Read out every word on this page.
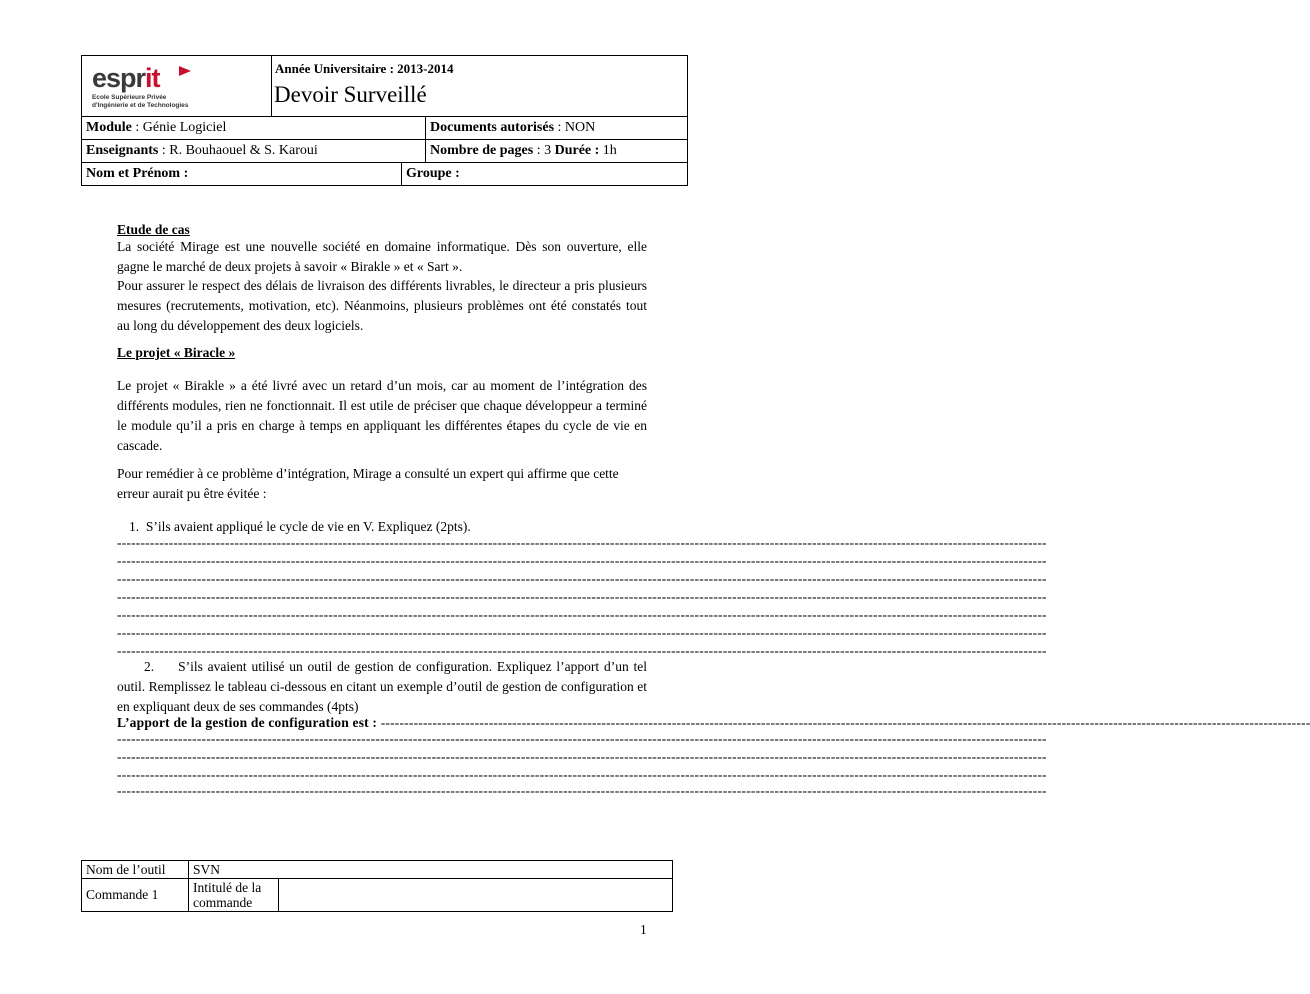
esprit
Ecole Supérieure Privée
d'Ingénierie et de Technologies
Année Universitaire : 2013-2014
Devoir Surveillé
Module : Génie Logiciel	Documents autorisés : NON
Enseignants : R. Bouhaouel & S. Karoui	Nombre de pages : 3 Durée : 1h
Nom et Prénom :	Groupe :
Etude de cas
La société Mirage est une nouvelle société en domaine informatique. Dès son ouverture, elle gagne le marché de deux projets à savoir « Birakle » et « Sart ».
Pour assurer le respect des délais de livraison des différents livrables, le directeur a pris plusieurs mesures (recrutements, motivation, etc). Néanmoins, plusieurs problèmes ont été constatés tout au long du développement des deux logiciels.
Le projet « Biracle »
Le projet « Birakle » a été livré avec un retard d’un mois, car au moment de l’intégration des différents modules, rien ne fonctionnait. Il est utile de préciser que chaque développeur a terminé le module qu’il a pris en charge à temps en appliquant les différentes étapes du cycle de vie en cascade.
Pour remédier à ce problème d’intégration, Mirage a consulté un expert qui affirme que cette erreur aurait pu être évitée :
1. S’ils avaient appliqué le cycle de vie en V. Expliquez (2pts).
------------------------------------------------------------------------------------------------------------------------------------------------------------------------------------------------------
------------------------------------------------------------------------------------------------------------------------------------------------------------------------------------------------------
------------------------------------------------------------------------------------------------------------------------------------------------------------------------------------------------------
------------------------------------------------------------------------------------------------------------------------------------------------------------------------------------------------------
------------------------------------------------------------------------------------------------------------------------------------------------------------------------------------------------------
------------------------------------------------------------------------------------------------------------------------------------------------------------------------------------------------------
------------------------------------------------------------------------------------------------------------------------------------------------------------------------------------------------------
2. S’ils avaient utilisé un outil de gestion de configuration. Expliquez l’apport d’un tel outil. Remplissez le tableau ci-dessous en citant un exemple d’outil de gestion de configuration et en expliquant deux de ses commandes (4pts)
L’apport de la gestion de configuration est : ------------------------------------------------------------------------------------------------------------------------------------------------------------------------------------------------------
------------------------------------------------------------------------------------------------------------------------------------------------------------------------------------------------------
------------------------------------------------------------------------------------------------------------------------------------------------------------------------------------------------------
------------------------------------------------------------------------------------------------------------------------------------------------------------------------------------------------------
------------------------------------------------------------------------------------------------------------------------------------------------------------------------------------------------------
Nom de l’outil	SVN	
Commande 1	Intitulé de la commande	
1
